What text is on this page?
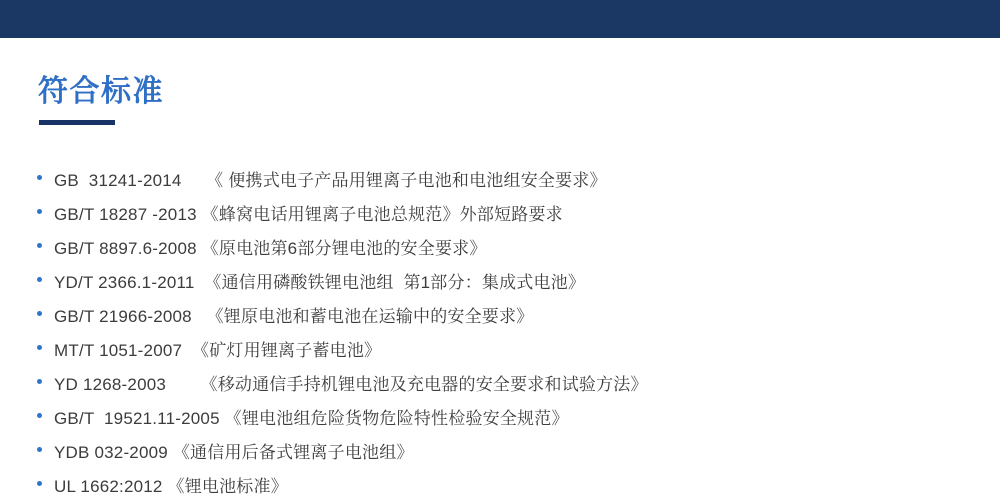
符合标准
GB  31241-2014     《 便携式电子产品用锂离子电池和电池组安全要求》
GB/T 18287 -2013 《蜂窝电话用锂离子电池总规范》外部短路要求
GB/T 8897.6-2008 《原电池第6部分锂电池的安全要求》
YD/T 2366.1-2011  《通信用磷酸铁锂电池组  第1部分：集成式电池》
GB/T 21966-2008   《锂原电池和蓄电池在运输中的安全要求》
MT/T 1051-2007  《矿灯用锂离子蓄电池》
YD 1268-2003       《移动通信手持机锂电池及充电器的安全要求和试验方法》
GB/T  19521.11-2005 《锂电池组危险货物危险特性检验安全规范》
YDB 032-2009 《通信用后备式锂离子电池组》
UL 1662:2012 《锂电池标准》
